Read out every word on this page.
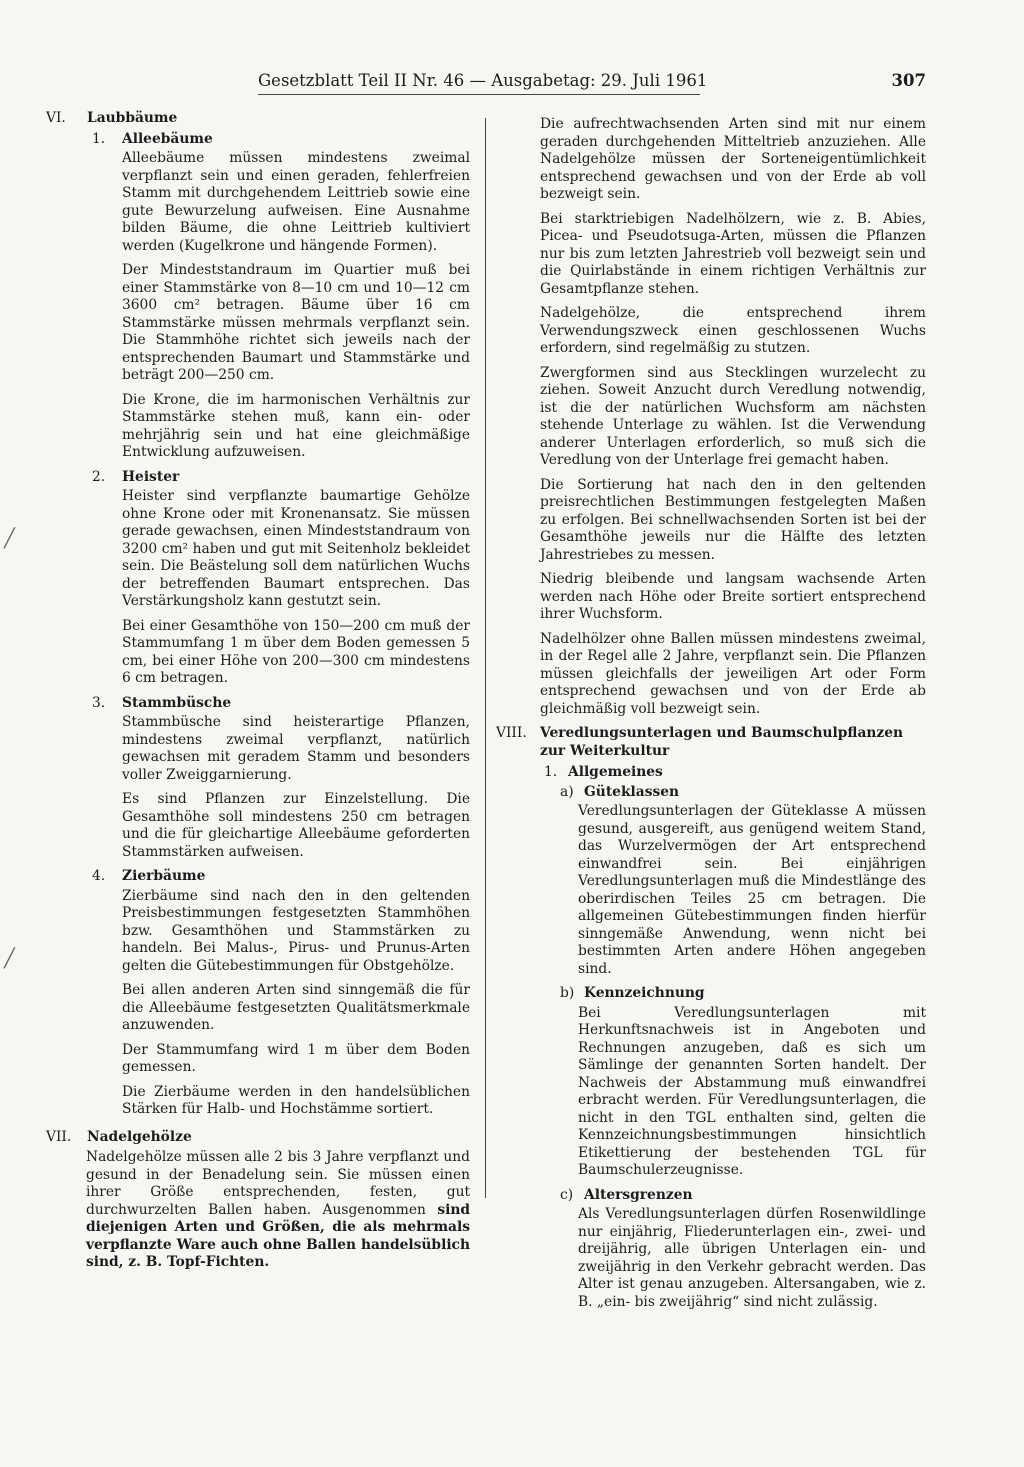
Gesetzblatt Teil II Nr. 46 — Ausgabetag: 29. Juli 1961	307
╱
╱
VI. Laubbäume
1. Alleebäume

Alleebäume müssen mindestens zweimal verpflanzt sein und einen geraden, fehlerfreien Stamm mit durchgehendem Leittrieb sowie eine gute Bewurzelung aufweisen. Eine Ausnahme bilden Bäume, die ohne Leittrieb kultiviert werden (Kugelkrone und hängende Formen).

Der Mindeststandraum im Quartier muß bei einer Stammstärke von 8—10 cm und 10—12 cm 3600 cm² betragen. Bäume über 16 cm Stammstärke müssen mehrmals verpflanzt sein. Die Stammhöhe richtet sich jeweils nach der entsprechenden Baumart und Stammstärke und beträgt 200—250 cm.

Die Krone, die im harmonischen Verhältnis zur Stammstärke stehen muß, kann ein- oder mehrjährig sein und hat eine gleichmäßige Entwicklung aufzuweisen.

2. Heister

Heister sind verpflanzte baumartige Gehölze ohne Krone oder mit Kronenansatz. Sie müssen gerade gewachsen, einen Mindeststandraum von 3200 cm² haben und gut mit Seitenholz bekleidet sein. Die Beästelung soll dem natürlichen Wuchs der betreffenden Baumart entsprechen. Das Verstärkungsholz kann gestutzt sein.

Bei einer Gesamthöhe von 150—200 cm muß der Stammumfang 1 m über dem Boden gemessen 5 cm, bei einer Höhe von 200—300 cm mindestens 6 cm betragen.

3. Stammbüsche

Stammbüsche sind heisterartige Pflanzen, mindestens zweimal verpflanzt, natürlich gewachsen mit geradem Stamm und besonders voller Zweiggarnierung.

Es sind Pflanzen zur Einzelstellung. Die Gesamthöhe soll mindestens 250 cm betragen und die für gleichartige Alleebäume geforderten Stammstärken aufweisen.

4. Zierbäume

Zierbäume sind nach den in den geltenden Preisbestimmungen festgesetzten Stammhöhen bzw. Gesamthöhen und Stammstärken zu handeln. Bei Malus-, Pirus- und Prunus-Arten gelten die Gütebestimmungen für Obstgehölze.

Bei allen anderen Arten sind sinngemäß die für die Alleebäume festgesetzten Qualitätsmerkmale anzuwenden.

Der Stammumfang wird 1 m über dem Boden gemessen.

Die Zierbäume werden in den handelsüblichen Stärken für Halb- und Hochstämme sortiert.

VII. Nadelgehölze

Nadelgehölze müssen alle 2 bis 3 Jahre verpflanzt und gesund in der Benadelung sein. Sie müssen einen ihrer Größe entsprechenden, festen, gut durchwurzelten Ballen haben. Ausgenommen sind diejenigen Arten und Größen, die als mehrmals verpflanzte Ware auch ohne Ballen handelsüblich sind, z. B. Topf-Fichten.

Die aufrechtwachsenden Arten sind mit nur einem geraden durchgehenden Mitteltrieb anzuziehen. Alle Nadelgehölze müssen der Sorteneigentümlichkeit entsprechend gewachsen und von der Erde ab voll bezweigt sein.

Bei starktriebigen Nadelhölzern, wie z. B. Abies, Picea- und Pseudotsuga-Arten, müssen die Pflanzen nur bis zum letzten Jahrestrieb voll bezweigt sein und die Quirlabstände in einem richtigen Verhältnis zur Gesamtpflanze stehen.

Nadelgehölze, die entsprechend ihrem Verwendungszweck einen geschlossenen Wuchs erfordern, sind regelmäßig zu stutzen.

Zwergformen sind aus Stecklingen wurzelecht zu ziehen. Soweit Anzucht durch Veredlung notwendig, ist die der natürlichen Wuchsform am nächsten stehende Unterlage zu wählen. Ist die Verwendung anderer Unterlagen erforderlich, so muß sich die Veredlung von der Unterlage frei gemacht haben.

Die Sortierung hat nach den in den geltenden preisrechtlichen Bestimmungen festgelegten Maßen zu erfolgen. Bei schnellwachsenden Sorten ist bei der Gesamthöhe jeweils nur die Hälfte des letzten Jahrestriebes zu messen.

Niedrig bleibende und langsam wachsende Arten werden nach Höhe oder Breite sortiert entsprechend ihrer Wuchsform.

Nadelhölzer ohne Ballen müssen mindestens zweimal, in der Regel alle 2 Jahre, verpflanzt sein. Die Pflanzen müssen gleichfalls der jeweiligen Art oder Form entsprechend gewachsen und von der Erde ab gleichmäßig voll bezweigt sein.

VIII. Veredlungsunterlagen und Baumschulpflanzen zur Weiterkultur
1. Allgemeines
a) Güteklassen

Veredlungsunterlagen der Güteklasse A müssen gesund, ausgereift, aus genügend weitem Stand, das Wurzelvermögen der Art entsprechend einwandfrei sein. Bei einjährigen Veredlungsunterlagen muß die Mindestlänge des oberirdischen Teiles 25 cm betragen. Die allgemeinen Gütebestimmungen finden hierfür sinngemäße Anwendung, wenn nicht bei bestimmten Arten andere Höhen angegeben sind.

b) Kennzeichnung

Bei Veredlungsunterlagen mit Herkunftsnachweis ist in Angeboten und Rechnungen anzugeben, daß es sich um Sämlinge der genannten Sorten handelt. Der Nachweis der Abstammung muß einwandfrei erbracht werden. Für Veredlungsunterlagen, die nicht in den TGL enthalten sind, gelten die Kennzeichnungsbestimmungen hinsichtlich Etikettierung der bestehenden TGL für Baumschulerzeugnisse.

c) Altersgrenzen

Als Veredlungsunterlagen dürfen Rosenwildlinge nur einjährig, Fliederunterlagen ein-, zwei- und dreijährig, alle übrigen Unterlagen ein- und zweijährig in den Verkehr gebracht werden. Das Alter ist genau anzugeben. Altersangaben, wie z. B. „ein- bis zweijährig“ sind nicht zulässig.
